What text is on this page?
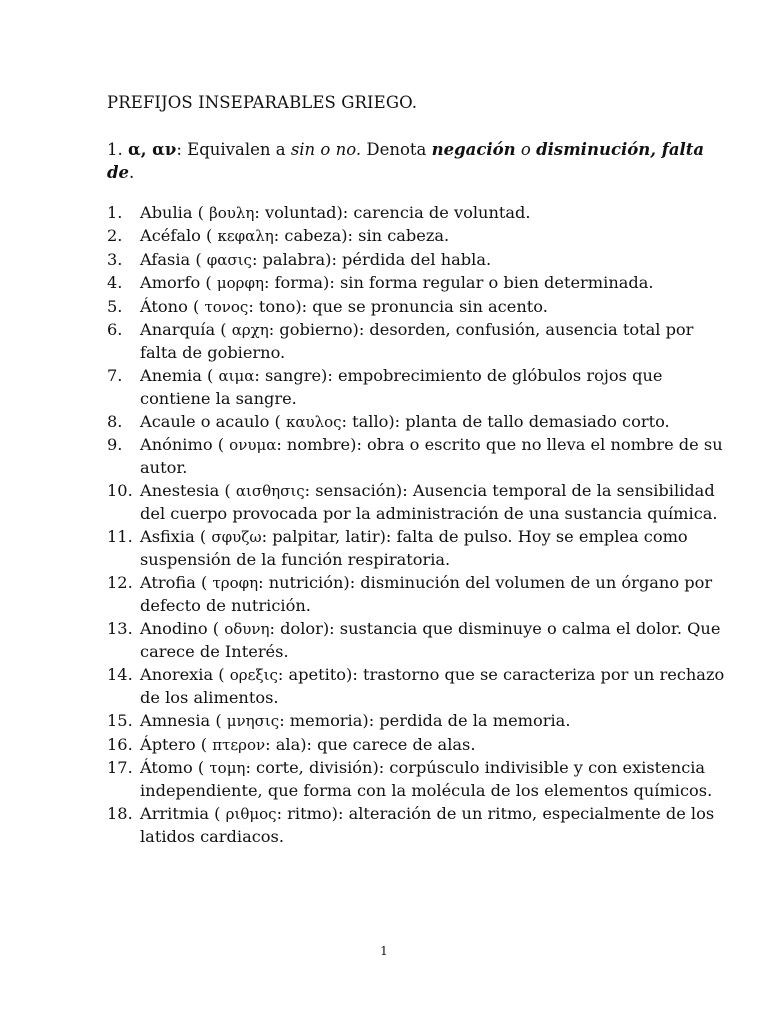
PREFIJOS INSEPARABLES GRIEGO.
1. α, αν: Equivalen a sin o no. Denota negación o disminución, falta de.
1.	Abulia ( βουλη: voluntad): carencia de voluntad.
2.	Acéfalo ( κεφαλη: cabeza): sin cabeza.
3.	Afasia ( φασις: palabra): pérdida del habla.
4.	Amorfo ( μορφη: forma): sin forma regular o bien determinada.
5.	Átono ( τονος: tono): que se pronuncia sin acento.
6.	Anarquía ( αρχη: gobierno): desorden, confusión, ausencia total por falta de gobierno.
7.	Anemia ( αιμα: sangre): empobrecimiento de glóbulos rojos que contiene la sangre.
8.	Acaule o acaulo ( καυλος: tallo): planta de tallo demasiado corto.
9.	Anónimo ( ονυμα: nombre): obra o escrito que no lleva el nombre de su autor.
10. Anestesia ( αισθησις: sensación): Ausencia temporal de la sensibilidad del cuerpo provocada por la administración de una sustancia química.
11. Asfixia ( σφυζω: palpitar, latir): falta de pulso. Hoy se emplea como suspensión de la función respiratoria.
12. Atrofia ( τροφη: nutrición): disminución del volumen de un órgano por defecto de nutrición.
13. Anodino ( οδυνη: dolor): sustancia que disminuye o calma el dolor. Que carece de Interés.
14. Anorexia ( ορεξις: apetito): trastorno que se caracteriza por un rechazo de los alimentos.
15. Amnesia ( μνησις: memoria): perdida de la memoria.
16. Áptero ( πτερον: ala): que carece de alas.
17. Átomo ( τομη: corte, división): corpúsculo indivisible y con existencia independiente, que forma con la molécula de los elementos químicos.
18. Arritmia ( ριθμος: ritmo): alteración de un ritmo, especialmente de los latidos cardiacos.
1
